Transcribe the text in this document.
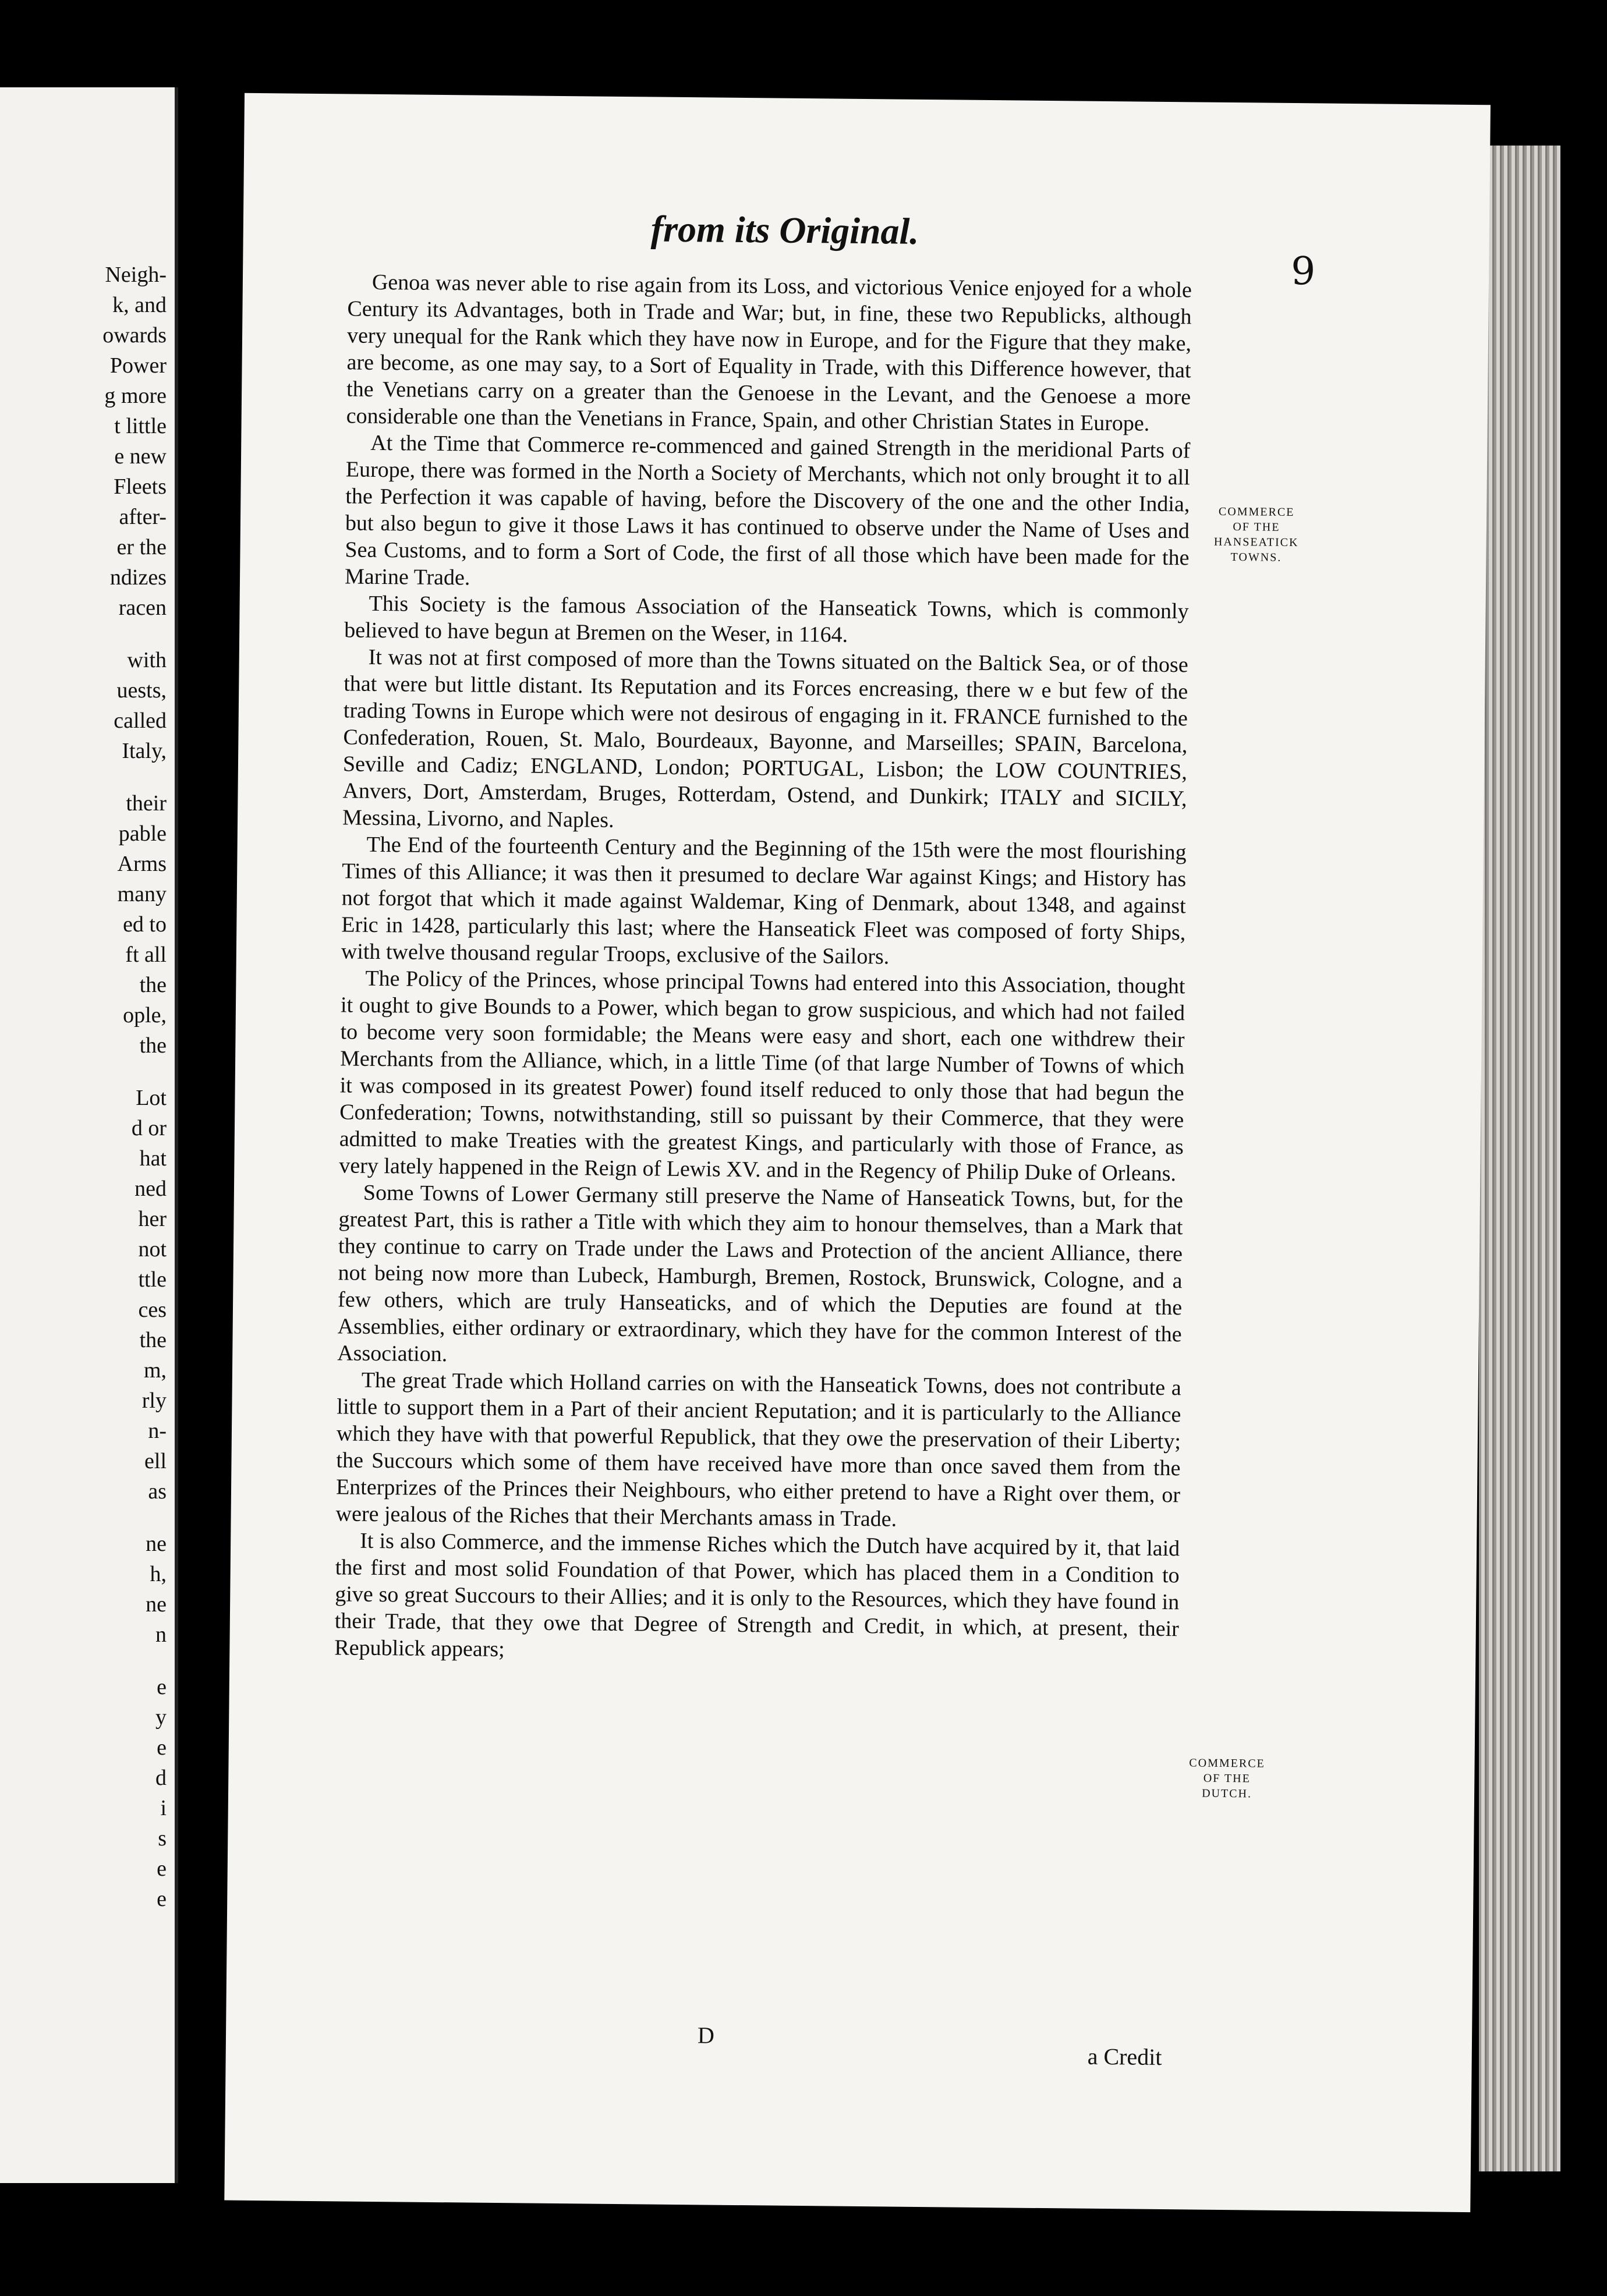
Neigh-
k, and
owards
Power
g more
t little
e new
Fleets
after-
er the
ndizes
racen
with
uests,
called
Italy,
their
pable
Arms
many
ed to
ft all
the
ople,
the
Lot
d or
hat
ned
her
not
ttle
ces
the
m,
rly
n-
ell
as
ne
h,
ne
n
e
y
e
d
i
s
e
e
from its Original.
9

Genoa was never able to rise again from its Loss, and victorious Venice enjoyed for a whole Century its Advantages, both in Trade and War; but, in fine, these two Republicks, although very unequal for the Rank which they have now in Europe, and for the Figure that they make, are become, as one may say, to a Sort of Equality in Trade, with this Difference however, that the Venetians carry on a greater than the Genoese in the Levant, and the Genoese a more considerable one than the Venetians in France, Spain, and other Christian States in Europe.

At the Time that Commerce re-commenced and gained Strength in the meridional Parts of Europe, there was formed in the North a Society of Merchants, which not only brought it to all the Perfection it was capable of having, before the Discovery of the one and the other India, but also begun to give it those Laws it has continued to observe under the Name of Uses and Sea Customs, and to form a Sort of Code, the first of all those which have been made for the Marine Trade.

This Society is the famous Association of the Hanseatick Towns, which is commonly believed to have begun at Bremen on the Weser, in 1164.

It was not at first composed of more than the Towns situated on the Baltick Sea, or of those that were but little distant. Its Reputation and its Forces encreasing, there w e but few of the trading Towns in Europe which were not desirous of engaging in it. FRANCE furnished to the Confederation, Rouen, St. Malo, Bourdeaux, Bayonne, and Marseilles; SPAIN, Barcelona, Seville and Cadiz; ENGLAND, London; PORTUGAL, Lisbon; the LOW COUNTRIES, Anvers, Dort, Amsterdam, Bruges, Rotterdam, Ostend, and Dunkirk; ITALY and SICILY, Messina, Livorno, and Naples.

The End of the fourteenth Century and the Beginning of the 15th were the most flourishing Times of this Alliance; it was then it presumed to declare War against Kings; and History has not forgot that which it made against Waldemar, King of Denmark, about 1348, and against Eric in 1428, particularly this last; where the Hanseatick Fleet was composed of forty Ships, with twelve thousand regular Troops, exclusive of the Sailors.

The Policy of the Princes, whose principal Towns had entered into this Association, thought it ought to give Bounds to a Power, which began to grow suspicious, and which had not failed to become very soon formidable; the Means were easy and short, each one withdrew their Merchants from the Alliance, which, in a little Time (of that large Number of Towns of which it was composed in its greatest Power) found itself reduced to only those that had begun the Confederation; Towns, notwithstanding, still so puissant by their Commerce, that they were admitted to make Treaties with the greatest Kings, and particularly with those of France, as very lately happened in the Reign of Lewis XV. and in the Regency of Philip Duke of Orleans.

Some Towns of Lower Germany still preserve the Name of Hanseatick Towns, but, for the greatest Part, this is rather a Title with which they aim to honour themselves, than a Mark that they continue to carry on Trade under the Laws and Protection of the ancient Alliance, there not being now more than Lubeck, Hamburgh, Bremen, Rostock, Brunswick, Cologne, and a few others, which are truly Hanseaticks, and of which the Deputies are found at the Assemblies, either ordinary or extraordinary, which they have for the common Interest of the Association.

The great Trade which Holland carries on with the Hanseatick Towns, does not contribute a little to support them in a Part of their ancient Reputation; and it is particularly to the Alliance which they have with that powerful Republick, that they owe the preservation of their Liberty; the Succours which some of them have received have more than once saved them from the Enterprizes of the Princes their Neighbours, who either pretend to have a Right over them, or were jealous of the Riches that their Merchants amass in Trade.

It is also Commerce, and the immense Riches which the Dutch have acquired by it, that laid the first and most solid Foundation of that Power, which has placed them in a Condition to give so great Succours to their Allies; and it is only to the Resources, which they have found in their Trade, that they owe that Degree of Strength and Credit, in which, at present, their Republick appears;

COMMERCE
OF THE
HANSEATICK
TOWNS.
COMMERCE
OF THE
DUTCH.
D
a Credit
